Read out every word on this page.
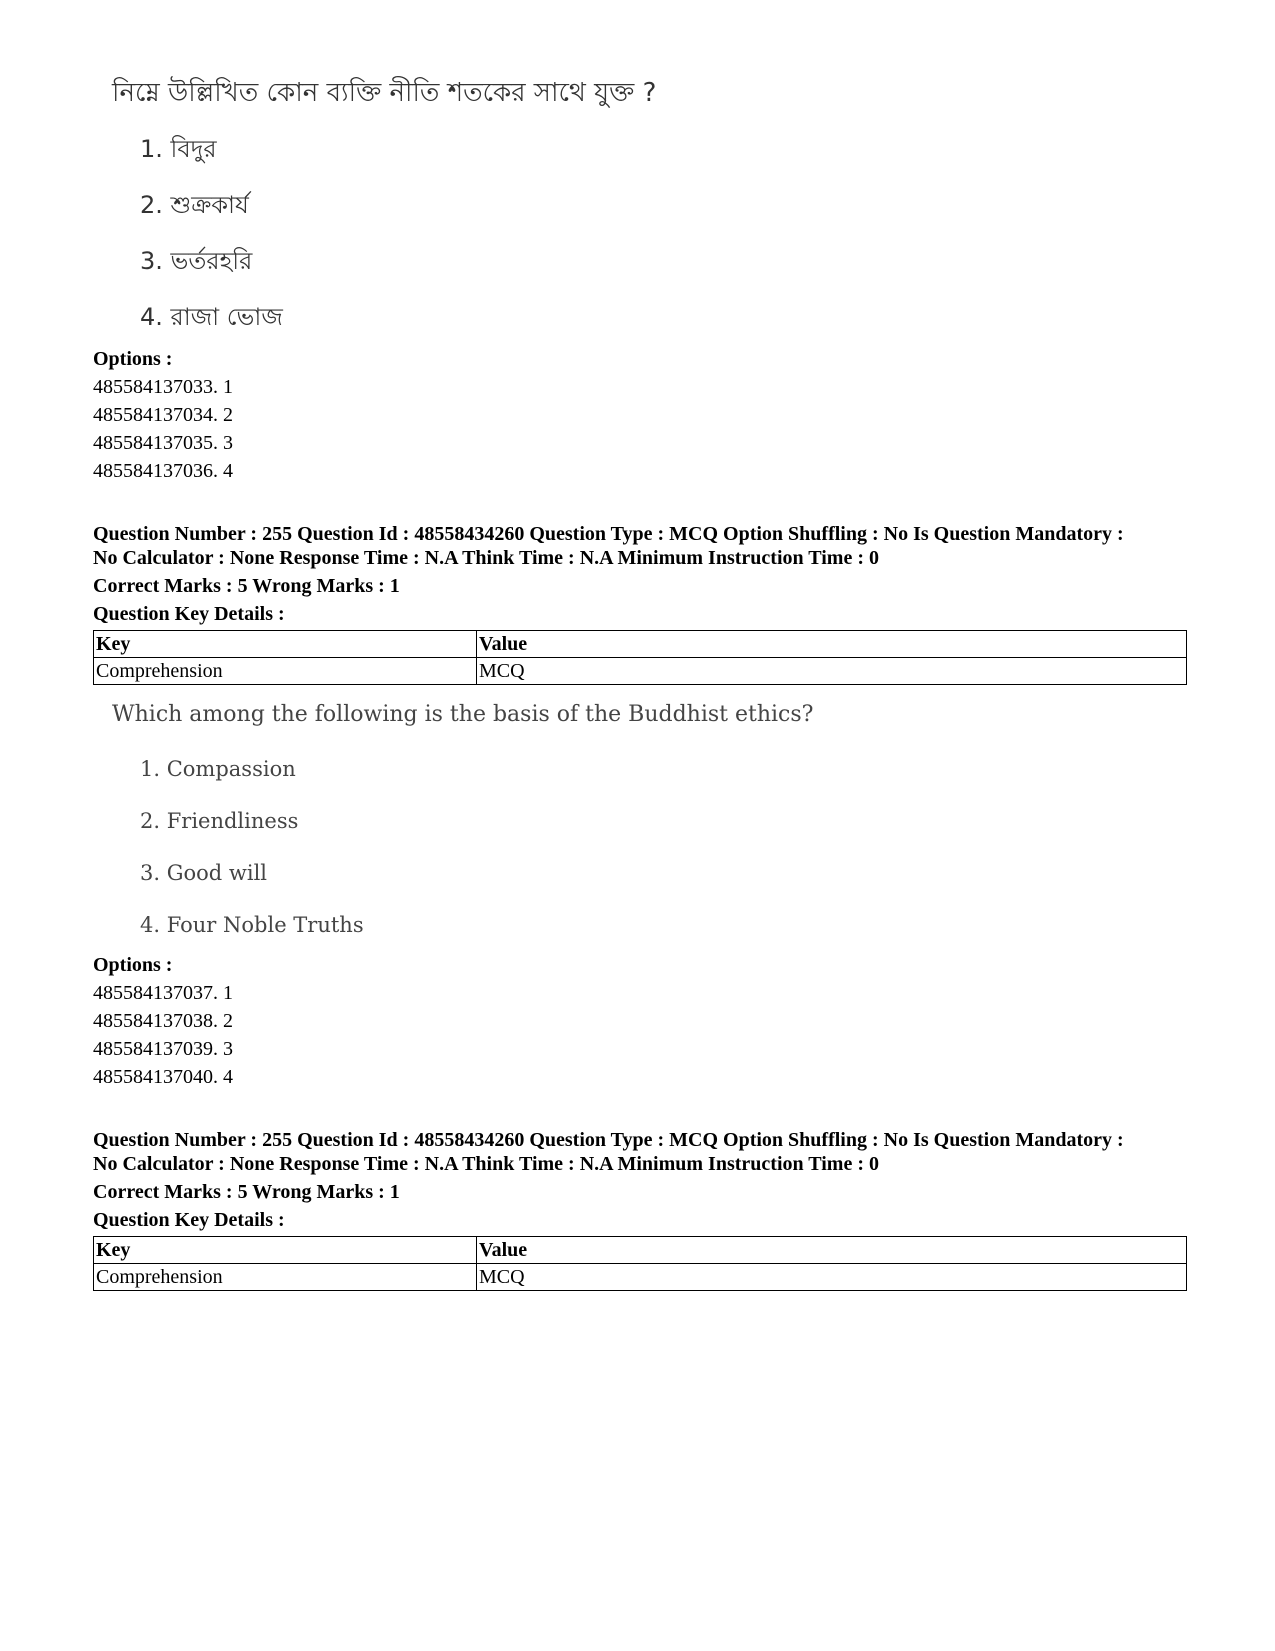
নিম্নে উল্লিখিত কোন ব্যক্তি নীতি শতকের সাথে যুক্ত ?
1. বিদুর
2. শুক্রকার্য
3. ভর্তরহরি
4. রাজা ভোজ
Options :
485584137033. 1
485584137034. 2
485584137035. 3
485584137036. 4
Question Number : 255 Question Id : 48558434260 Question Type : MCQ Option Shuffling : No Is Question Mandatory :
No Calculator : None Response Time : N.A Think Time : N.A Minimum Instruction Time : 0
Correct Marks : 5 Wrong Marks : 1
Question Key Details :
Key	Value
Comprehension	MCQ
Which among the following is the basis of the Buddhist ethics?
1. Compassion
2. Friendliness
3. Good will
4. Four Noble Truths
Options :
485584137037. 1
485584137038. 2
485584137039. 3
485584137040. 4
Question Number : 255 Question Id : 48558434260 Question Type : MCQ Option Shuffling : No Is Question Mandatory :
No Calculator : None Response Time : N.A Think Time : N.A Minimum Instruction Time : 0
Correct Marks : 5 Wrong Marks : 1
Question Key Details :
Key	Value
Comprehension	MCQ
